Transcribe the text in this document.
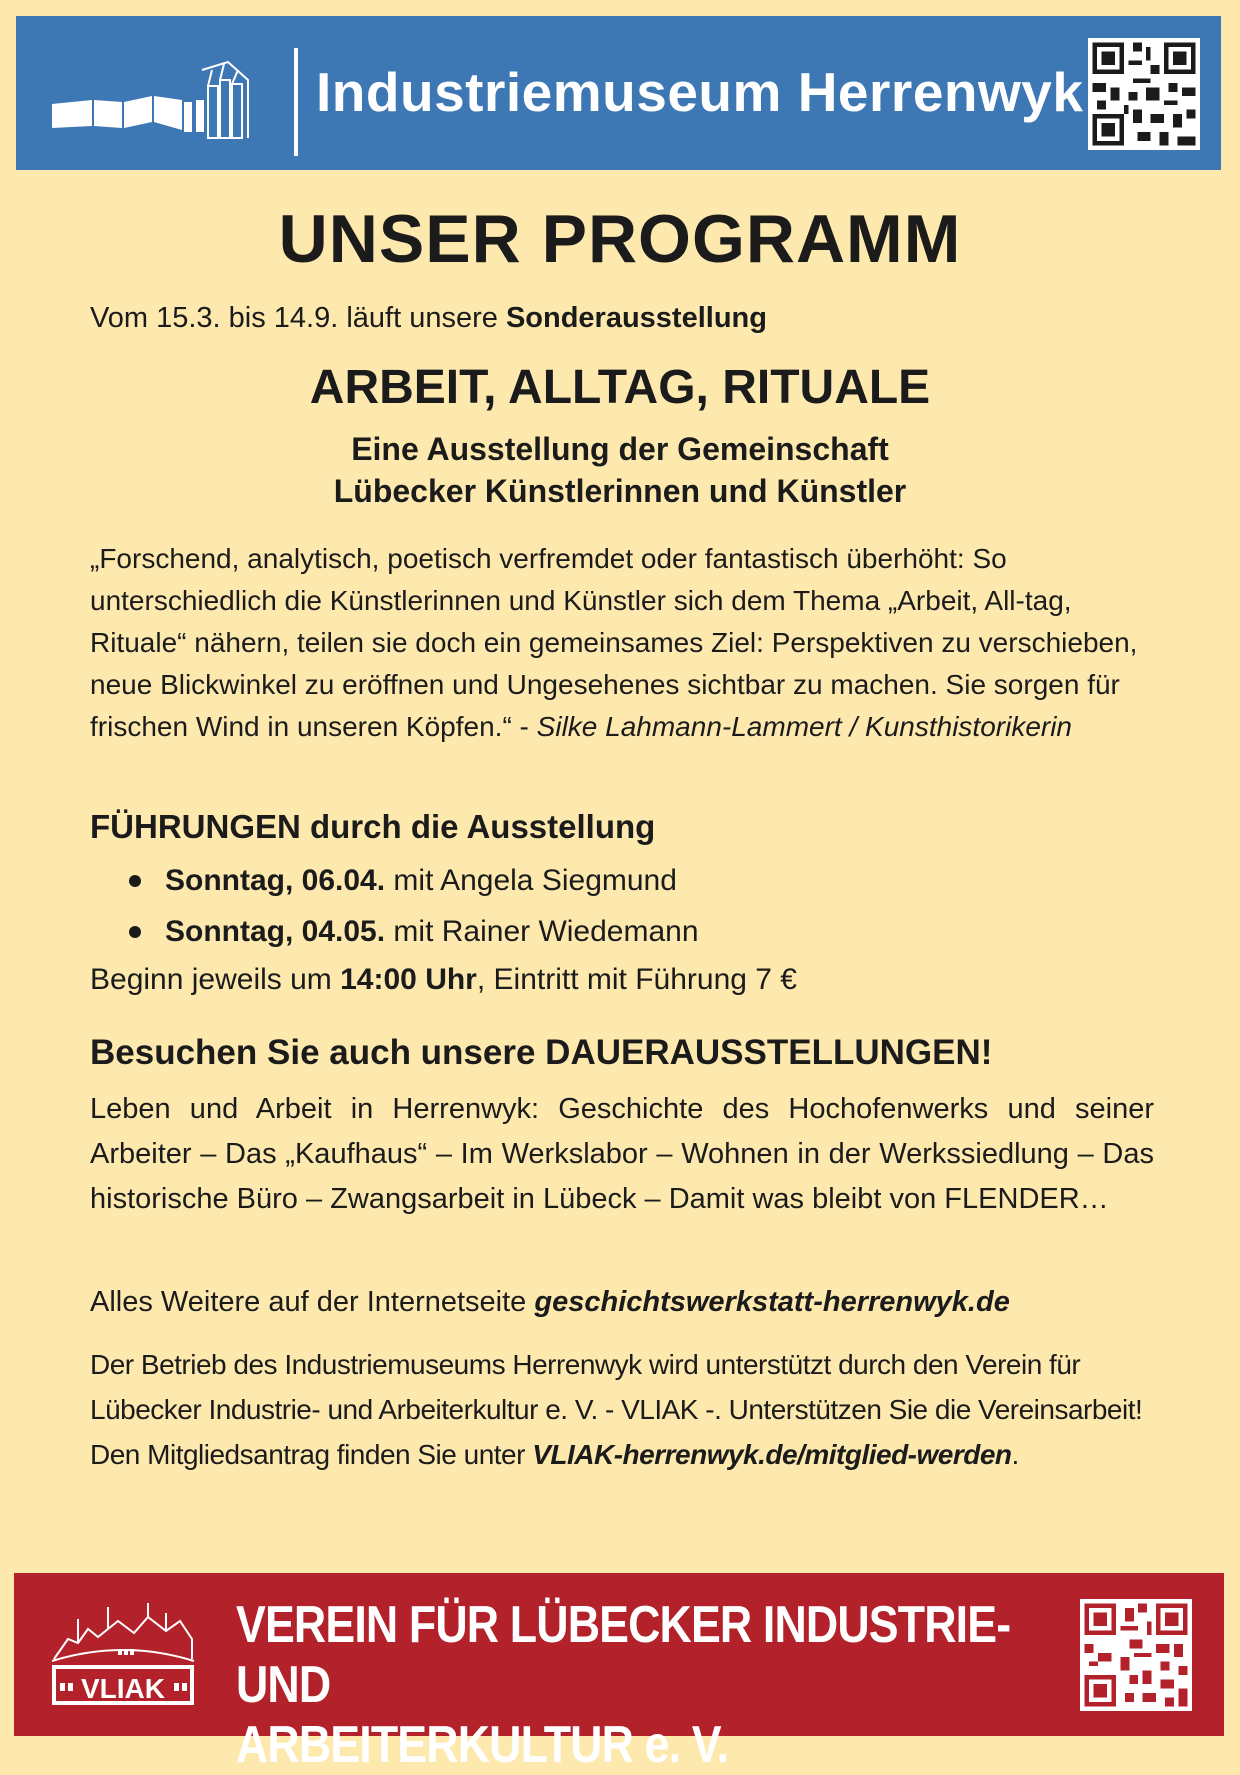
Industriemuseum Herrenwyk
UNSER PROGRAMM
Vom 15.3. bis 14.9. läuft unsere Sonderausstellung
ARBEIT, ALLTAG, RITUALE
Eine Ausstellung der Gemeinschaft
Lübecker Künstlerinnen und Künstler
„Forschend, analytisch, poetisch verfremdet oder fantastisch überhöht: So unterschiedlich die Künstlerinnen und Künstler sich dem Thema „Arbeit, All-tag, Rituale“ nähern, teilen sie doch ein gemeinsames Ziel: Perspektiven zu verschieben, neue Blickwinkel zu eröffnen und Ungesehenes sichtbar zu machen. Sie sorgen für frischen Wind in unseren Köpfen.“ - Silke Lahmann-Lammert / Kunsthistorikerin
FÜHRUNGEN durch die Ausstellung
Sonntag, 06.04. mit Angela Siegmund
Sonntag, 04.05. mit Rainer Wiedemann
Beginn jeweils um 14:00 Uhr, Eintritt mit Führung 7 €
Besuchen Sie auch unsere DAUERAUSSTELLUNGEN!
Leben und Arbeit in Herrenwyk: Geschichte des Hochofenwerks und seiner Arbeiter – Das „Kaufhaus“ – Im Werkslabor – Wohnen in der Werkssiedlung – Das historische Büro – Zwangsarbeit in Lübeck – Damit was bleibt von FLENDER…
Alles Weitere auf der Internetseite geschichtswerkstatt-herrenwyk.de
Der Betrieb des Industriemuseums Herrenwyk wird unterstützt durch den Verein für Lübecker Industrie- und Arbeiterkultur e. V. - VLIAK -. Unterstützen Sie die Vereinsarbeit!
Den Mitgliedsantrag finden Sie unter VLIAK-herrenwyk.de/mitglied-werden.
VLIAK
VEREIN FÜR LÜBECKER INDUSTRIE- UND
ARBEITERKULTUR e. V.
